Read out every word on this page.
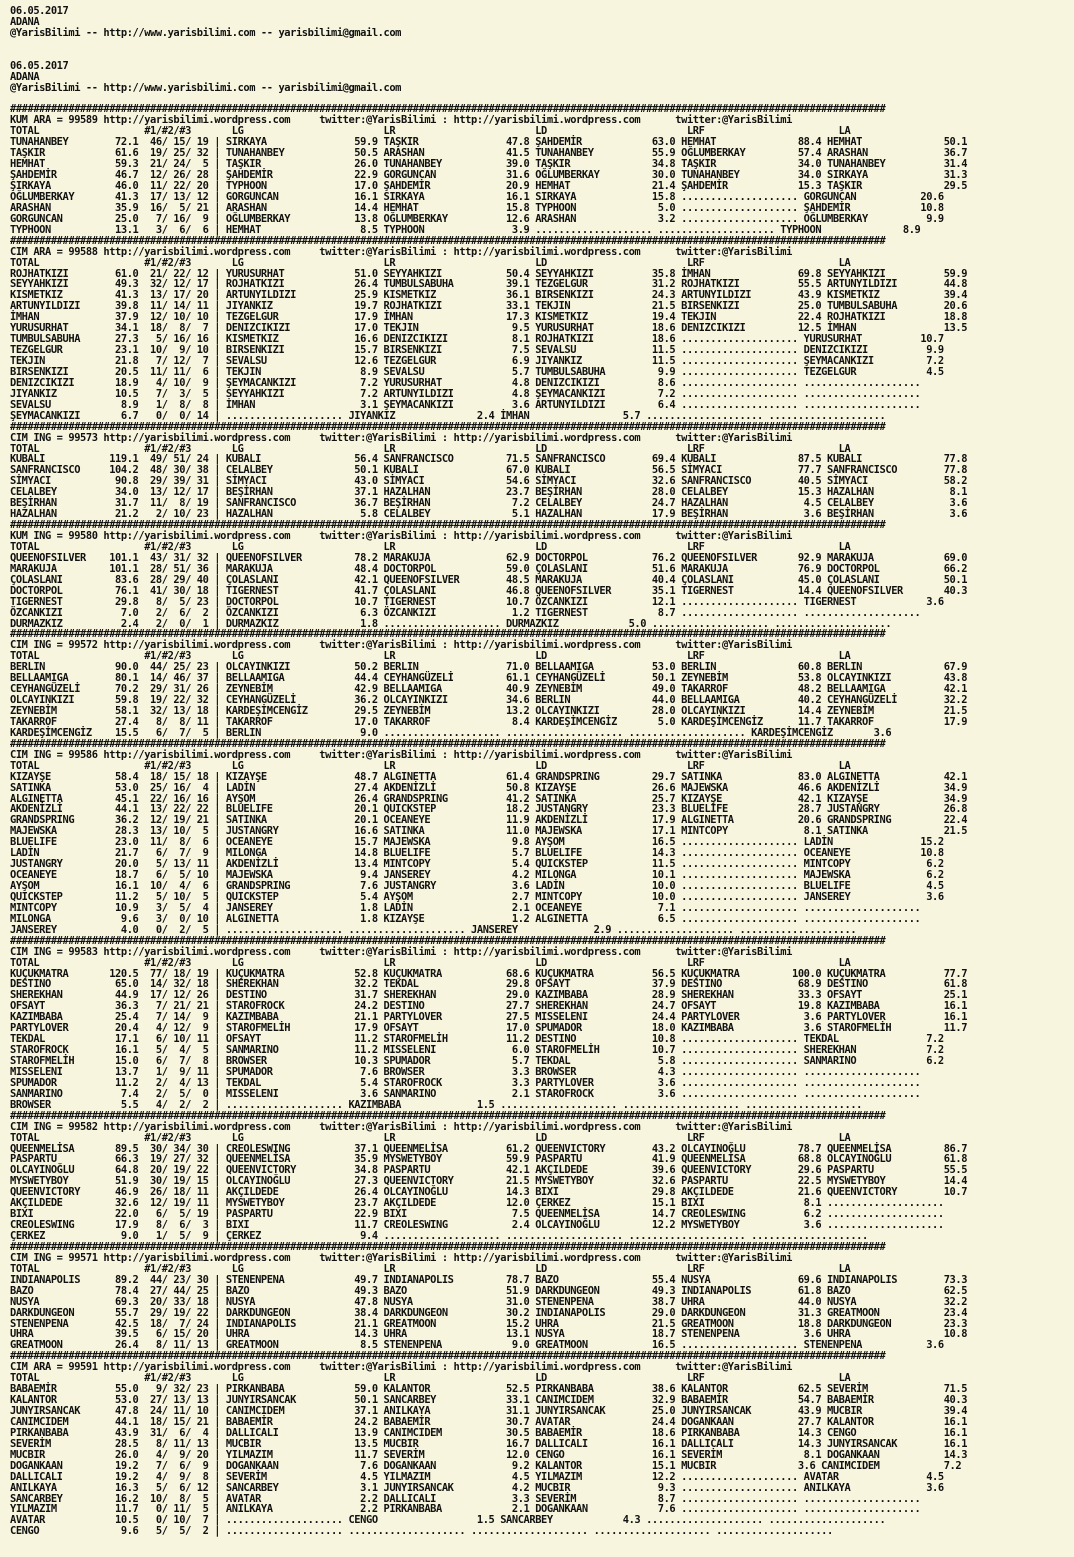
06.05.2017
ADANA
@YarisBilimi -- http://www.yarisbilimi.com -- yarisbilimi@gmail.com

06.05.2017
ADANA
@YarisBilimi -- http://www.yarisbilimi.com -- yarisbilimi@gmail.com

######################################################################################################################################################
KUM ARA = 99589 http://yarisbilimi.wordpress.com     twitter:@YarisBilimi : http://yarisbilimi.wordpress.com      twitter:@YarisBilimi
TOTAL                  #1/#2/#3       LG                        LR                        LD                        LRF                       LA
TUNAHANBEY        72.1  46/ 15/ 19 | SIRKAYA               59.9 TAŞKIR               47.8 ŞAHDEMİR            63.0 HEMHAT              88.4 HEMHAT              50.1
TAŞKIR            61.6  19/ 25/ 32 | TUNAHANBEY            50.5 ARASHAN              41.5 TUNAHANBEY          55.9 OĞLUMBERKAY         57.4 ARASHAN             36.7
HEMHAT            59.3  21/ 24/  5 | TAŞKIR                26.0 TUNAHANBEY           39.0 TAŞKIR              34.8 TAŞKIR              34.0 TUNAHANBEY          31.4
ŞAHDEMİR          46.7  12/ 26/ 28 | ŞAHDEMİR              22.9 GORGUNCAN            31.6 OĞLUMBERKAY         30.0 TUNAHANBEY          34.0 SIRKAYA             31.3
ŞIRKAYA           46.0  11/ 22/ 20 | TYPHOON               17.0 ŞAHDEMİR             20.9 HEMHAT              21.4 ŞAHDEMİR            15.3 TAŞKIR              29.5
OĞLUMBERKAY       41.3  17/ 13/ 12 | GORGUNCAN             16.1 SIRKAYA              16.1 SIRKAYA             15.8 .................... GORGUNCAN           20.6
ARASHAN           35.9  16/  5/ 21 | ARASHAN               14.4 HEMHAT               15.8 TYPHOON              5.0 .................... ŞAHDEMİR            10.8
GORGUNCAN         25.0   7/ 16/  9 | OĞLUMBERKAY           13.8 OĞLUMBERKAY          12.6 ARASHAN              3.2 .................... OĞLUMBERKAY          9.9
TYPHOON           13.1   3/  6/  6 | HEMHAT                 8.5 TYPHOON               3.9 .................... .................... TYPHOON              8.9
######################################################################################################################################################
CIM ARA = 99588 http://yarisbilimi.wordpress.com     twitter:@YarisBilimi : http://yarisbilimi.wordpress.com      twitter:@YarisBilimi
TOTAL                  #1/#2/#3       LG                        LR                        LD                        LRF                       LA
ROJHATKIZI        61.0  21/ 22/ 12 | YURUSURHAT            51.0 SEYYAHKIZI           50.4 SEYYAHKIZI          35.8 İMHAN               69.8 SEYYAHKIZI          59.9
SEYYAHKIZI        49.3  32/ 12/ 17 | ROJHATKIZI            26.4 TUMBULSABUHA         39.1 TEZGELGUR           31.2 ROJHATKIZI          55.5 ARTUNYILDIZI        44.8
KISMETKIZ         41.3  13/ 17/ 20 | ARTUNYILDIZI          25.9 KISMETKIZ            36.1 BIRSENKIZI          24.3 ARTUNYILDIZI        43.9 KISMETKIZ           39.4
ARTUNYILDIZI      39.8  11/ 14/ 11 | JIYANKIZ              19.7 ROJHATKIZI           33.1 TEKJIN              21.5 BIRSENKIZI          25.0 TUMBULSABUHA        20.6
İMHAN             37.9  12/ 10/ 10 | TEZGELGUR             17.9 İMHAN                17.3 KISMETKIZ           19.4 TEKJIN              22.4 ROJHATKIZI          18.8
YURUSURHAT        34.1  18/  8/  7 | DENIZCIKIZI           17.0 TEKJIN                9.5 YURUSURHAT          18.6 DENIZCIKIZI         12.5 İMHAN               13.5
TUMBULSABUHA      27.3   5/ 16/ 16 | KISMETKIZ             16.6 DENIZCIKIZI           8.1 ROJHATKIZI          18.6 .................... YURUSURHAT          10.7
TEZGELGUR         23.1  10/  9/ 10 | BIRSENKIZI            15.7 BIRSENKIZI            7.5 SEVALSU             11.5 .................... DENIZCIKIZI          9.9
TEKJIN            21.8   7/ 12/  7 | SEVALSU               12.6 TEZGELGUR             6.9 JIYANKIZ            11.5 .................... ŞEYMACANKIZI         7.2
BIRSENKIZI        20.5  11/ 11/  6 | TEKJIN                 8.9 SEVALSU               5.7 TUMBULSABUHA         9.9 .................... TEZGELGUR            4.5
DENIZCIKIZI       18.9   4/ 10/  9 | ŞEYMACANKIZI           7.2 YURUSURHAT            4.8 DENIZCIKIZI          8.6 .................... ....................
JIYANKIZ          10.5   7/  3/  5 | SEYYAHKIZI             7.2 ARTUNYILDIZI          4.8 ŞEYMACANKIZI         7.2 .................... ....................
SEVALSU            8.9   1/  8/  8 | İMHAN                  3.1 ŞEYMACANKIZI          3.6 ARTUNYILDIZI         6.4 .................... ....................
ŞEYMACANKIZI       6.7   0/  0/ 14 | .................... JIYANKIZ              2.4 İMHAN                5.7 .................... ....................
######################################################################################################################################################
CIM ING = 99573 http://yarisbilimi.wordpress.com     twitter:@YarisBilimi : http://yarisbilimi.wordpress.com      twitter:@YarisBilimi
TOTAL                  #1/#2/#3       LG                        LR                        LD                        LRF                       LA
KUBALI           119.1  49/ 51/ 24 | KUBALI                56.4 SANFRANCISCO         71.5 SANFRANCISCO        69.4 KUBALI              87.5 KUBALI              77.8
SANFRANCISCO     104.2  48/ 30/ 38 | CELALBEY              50.1 KUBALI               67.0 KUBALI              56.5 SİMYACI             77.7 SANFRANCISCO        77.8
SİMYACI           90.8  29/ 39/ 31 | SİMYACI               43.0 SİMYACI              54.6 SİMYACI             32.6 SANFRANCISCO        40.5 SİMYACI             58.2
CELALBEY          34.0  13/ 12/ 17 | BEŞİRHAN              37.1 HAZALHAN             23.7 BEŞİRHAN            28.0 CELALBEY            15.3 HAZALHAN             8.1
BEŞİRHAN          31.7  11/  8/ 19 | SANFRANCISCO          36.7 BEŞİRHAN              7.2 CELALBEY            24.7 HAZALHAN             4.5 CELALBEY             3.6
HAZALHAN          21.2   2/ 10/ 23 | HAZALHAN               5.8 CELALBEY              5.1 HAZALHAN            17.9 BEŞİRHAN             3.6 BEŞİRHAN             3.6
######################################################################################################################################################
KUM ING = 99580 http://yarisbilimi.wordpress.com     twitter:@YarisBilimi : http://yarisbilimi.wordpress.com      twitter:@YarisBilimi
TOTAL                  #1/#2/#3       LG                        LR                        LD                        LRF                       LA
QUEENOFSILVER    101.1  43/ 31/ 32 | QUEENOFSILVER         78.2 MARAKUJA             62.9 DOCTORPOL           76.2 QUEENOFSILVER       92.9 MARAKUJA            69.0
MARAKUJA         101.1  28/ 51/ 36 | MARAKUJA              48.4 DOCTORPOL            59.0 ÇOLASLANI           51.6 MARAKUJA            76.9 DOCTORPOL           66.2
ÇOLASLANI         83.6  28/ 29/ 40 | ÇOLASLANI             42.1 QUEENOFSILVER        48.5 MARAKUJA            40.4 ÇOLASLANI           45.0 ÇOLASLANI           50.1
DOCTORPOL         76.1  41/ 30/ 18 | TIGERNEST             41.7 ÇOLASLANI            46.8 QUEENOFSILVER       35.1 TIGERNEST           14.4 QUEENOFSILVER       40.3
TIGERNEST         29.8   8/  5/ 23 | DOCTORPOL             10.7 TIGERNEST            10.7 ÖZCANKIZI           12.1 .................... TIGERNEST            3.6
ÖZCANKIZI          7.0   2/  6/  2 | ÖZCANKIZI              6.3 ÖZCANKIZI             1.2 TIGERNEST            8.7 .................... ....................
DURMAZKIZ          2.4   2/  0/  1 | DURMAZKIZ              1.8 .................... DURMAZKIZ            5.0 .................... ....................
######################################################################################################################################################
CIM ING = 99572 http://yarisbilimi.wordpress.com     twitter:@YarisBilimi : http://yarisbilimi.wordpress.com      twitter:@YarisBilimi
TOTAL                  #1/#2/#3       LG                        LR                        LD                        LRF                       LA
BERLIN            90.0  44/ 25/ 23 | OLCAYINKIZI           50.2 BERLIN               71.0 BELLAAMIGA          53.0 BERLIN              60.8 BERLIN              67.9
BELLAAMIGA        80.1  14/ 46/ 37 | BELLAAMIGA            44.4 CEYHANGÜZELİ         61.1 CEYHANGÜZELİ        50.1 ZEYNEBİM            53.8 OLCAYINKIZI         43.8
CEYHANGÜZELİ      70.2  29/ 31/ 26 | ZEYNEBİM              42.9 BELLAAMIGA           40.9 ZEYNEBİM            49.0 TAKARROF            48.2 BELLAAMIGA          42.1
OLCAYINKIZI       59.8  19/ 22/ 32 | CEYHANGÜZELİ          36.2 OLCAYINKIZI          34.6 BERLIN              44.0 BELLAAMIGA          40.2 CEYHANGÜZELİ        32.2
ZEYNEBİM          58.1  32/ 13/ 18 | KARDEŞİMCENGİZ        29.5 ZEYNEBİM             13.2 OLCAYINKIZI         28.0 OLCAYINKIZI         14.4 ZEYNEBİM            21.5
TAKARROF          27.4   8/  8/ 11 | TAKARROF              17.0 TAKARROF              8.4 KARDEŞİMCENGİZ       5.0 KARDEŞİMCENGİZ      11.7 TAKARROF            17.9
KARDEŞİMCENGİZ    15.5   6/  7/  5 | BERLIN                 9.0 .................... .................... .................... KARDEŞİMCENGİZ       3.6
######################################################################################################################################################
CIM ING = 99586 http://yarisbilimi.wordpress.com     twitter:@YarisBilimi : http://yarisbilimi.wordpress.com      twitter:@YarisBilimi
TOTAL                  #1/#2/#3       LG                        LR                        LD                        LRF                       LA
KIZAYŞE           58.4  18/ 15/ 18 | KIZAYŞE               48.7 ALGINETTA            61.4 GRANDSPRING         29.7 SATINKA             83.0 ALGINETTA           42.1
SATINKA           53.0  25/ 16/  4 | LADİN                 27.4 AKDENİZLİ            50.8 KIZAYŞE             26.6 MAJEWSKA            46.6 AKDENİZLİ           34.9
ALGINETTA         45.1  22/ 16/ 16 | AYŞOM                 26.4 GRANDSPRING          41.2 SATINKA             25.7 KIZAYŞE             42.1 KIZAYŞE             34.9
AKDENİZLİ         44.1  13/ 22/ 22 | BLUELIFE              20.1 QUICKSTEP            18.2 JUSTANGRY           23.3 BLUELIFE            28.7 JUSTANGRY           26.8
GRANDSPRING       36.2  12/ 19/ 21 | SATINKA               20.1 OCEANEYE             11.9 AKDENİZLİ           17.9 ALGINETTA           20.6 GRANDSPRING         22.4
MAJEWSKA          28.3  13/ 10/  5 | JUSTANGRY             16.6 SATINKA              11.0 MAJEWSKA            17.1 MINTCOPY             8.1 SATINKA             21.5
BLUELIFE          23.0  11/  8/  6 | OCEANEYE              15.7 MAJEWSKA              9.8 AYŞOM               16.5 .................... LADİN               15.2
LADİN             21.7   6/  7/  9 | MILONGA               14.8 BLUELIFE              5.7 BLUELIFE            14.3 .................... OCEANEYE            10.8
JUSTANGRY         20.0   5/ 13/ 11 | AKDENİZLİ             13.4 MINTCOPY              5.4 QUICKSTEP           11.5 .................... MINTCOPY             6.2
OCEANEYE          18.7   6/  5/ 10 | MAJEWSKA               9.4 JANSEREY              4.2 MILONGA             10.1 .................... MAJEWSKA             6.2
AYŞOM             16.1  10/  4/  6 | GRANDSPRING            7.6 JUSTANGRY             3.6 LADİN               10.0 .................... BLUELIFE             4.5
QUICKSTEP         11.2   5/ 10/  5 | QUICKSTEP              5.4 AYŞOM                 2.7 MINTCOPY            10.0 .................... JANSEREY             3.6
MINTCOPY          10.9   3/  5/  4 | JANSEREY               1.8 LADİN                 2.1 OCEANEYE             7.1 .................... ....................
MILONGA            9.6   3/  0/ 10 | ALGINETTA              1.8 KIZAYŞE               1.2 ALGINETTA            6.5 .................... ....................
JANSEREY           4.0   0/  2/  5 | .................... .................... JANSEREY             2.9 .................... ....................
######################################################################################################################################################
CIM ING = 99583 http://yarisbilimi.wordpress.com     twitter:@YarisBilimi : http://yarisbilimi.wordpress.com      twitter:@YarisBilimi
TOTAL                  #1/#2/#3       LG                        LR                        LD                        LRF                       LA
KUÇUKMATRA       120.5  77/ 18/ 19 | KUÇUKMATRA            52.8 KUÇUKMATRA           68.6 KUÇUKMATRA          56.5 KUÇUKMATRA         100.0 KUÇUKMATRA          77.7
DESTINO           65.0  14/ 32/ 18 | SHEREKHAN             32.2 TEKDAL               29.8 OFSAYT              37.9 DESTINO             68.9 DESTINO             61.8
SHEREKHAN         44.9  17/ 12/ 26 | DESTINO               31.7 SHEREKHAN            29.0 KAZIMBABA           28.9 SHEREKHAN           33.3 OFSAYT              25.1
OFSAYT            36.3   7/ 21/ 21 | STAROFROCK            24.2 DESTINO              27.7 SHEREKHAN           24.7 OFSAYT              19.8 KAZIMBABA           16.1
KAZIMBABA         25.4   7/ 14/  9 | KAZIMBABA             21.1 PARTYLOVER           27.5 MISSELENI           24.4 PARTYLOVER           3.6 PARTYLOVER          16.1
PARTYLOVER        20.4   4/ 12/  9 | STAROFMELİH           17.9 OFSAYT               17.0 SPUMADOR            18.0 KAZIMBABA            3.6 STAROFMELİH         11.7
TEKDAL            17.1   6/ 10/ 11 | OFSAYT                11.2 STAROFMELİH          11.2 DESTINO             10.8 .................... TEKDAL               7.2
STAROFROCK        16.1   5/  4/  5 | SANMARINO             11.2 MISSELENI             6.0 STAROFMELİH         10.7 .................... SHEREKHAN            7.2
STAROFMELİH       15.0   6/  7/  8 | BROWSER               10.3 SPUMADOR              5.7 TEKDAL               5.8 .................... SANMARINO            6.2
MISSELENI         13.7   1/  9/ 11 | SPUMADOR               7.6 BROWSER               3.3 BROWSER              4.3 .................... ....................
SPUMADOR          11.2   2/  4/ 13 | TEKDAL                 5.4 STAROFROCK            3.3 PARTYLOVER           3.6 .................... ....................
SANMARINO          7.4   2/  5/  0 | MISSELENI              3.6 SANMARINO             2.1 STAROFROCK           3.6 .................... ....................
BROWSER            5.5   4/  2/  2 | .................... KAZIMBABA             1.5 .................... .................... ....................
######################################################################################################################################################
CIM ING = 99582 http://yarisbilimi.wordpress.com     twitter:@YarisBilimi : http://yarisbilimi.wordpress.com      twitter:@YarisBilimi
TOTAL                  #1/#2/#3       LG                        LR                        LD                        LRF                       LA
QUEENMELİSA       89.5  30/ 34/ 30 | CREOLESWING           37.1 QUEENMELİSA          61.2 QUEENVICTORY        43.2 OLCAYINOĞLU         78.7 QUEENMELİSA         86.7
PASPARTU          66.3  19/ 27/ 32 | QUEENMELİSA           35.9 MYSWETYBOY           59.9 PASPARTU            41.9 QUEENMELİSA         68.8 OLCAYINOĞLU         61.8
OLCAYINOĞLU       64.8  20/ 19/ 22 | QUEENVICTORY          34.8 PASPARTU             42.1 AKÇILDEDE           39.6 QUEENVICTORY        29.6 PASPARTU            55.5
MYSWETYBOY        51.9  30/ 19/ 15 | OLCAYINOĞLU           27.3 QUEENVICTORY         21.5 MYSWETYBOY          32.6 PASPARTU            22.5 MYSWETYBOY          14.4
QUEENVICTORY      46.9  26/ 18/ 11 | AKÇILDEDE             26.4 OLCAYINOĞLU          14.3 BIXI                29.8 AKÇILDEDE           21.6 QUEENVICTORY        10.7
AKÇILDEDE         32.6  12/ 19/ 11 | MYSWETYBOY            23.7 AKÇILDEDE            12.0 ÇERKEZ              15.1 BIXI                 8.1 ....................
BIXI              22.0   6/  5/ 19 | PASPARTU              22.9 BIXI                  7.5 QUEENMELİSA         14.7 CREOLESWING          6.2 ....................
CREOLESWING       17.9   8/  6/  3 | BIXI                  11.7 CREOLESWING           2.4 OLCAYINOĞLU         12.2 MYSWETYBOY           3.6 ....................
ÇERKEZ             9.0   1/  5/  9 | ÇERKEZ                 9.4 .................... .................... .................... ....................
######################################################################################################################################################
CIM ING = 99571 http://yarisbilimi.wordpress.com     twitter:@YarisBilimi : http://yarisbilimi.wordpress.com      twitter:@YarisBilimi
TOTAL                  #1/#2/#3       LG                        LR                        LD                        LRF                       LA
INDIANAPOLIS      89.2  44/ 23/ 30 | STENENPENA            49.7 INDIANAPOLIS         78.7 BAZO                55.4 NUSYA               69.6 INDIANAPOLIS        73.3
BAZO              78.4  27/ 44/ 25 | BAZO                  49.3 BAZO                 51.9 DARKDUNGEON         49.3 INDIANAPOLIS        61.8 BAZO                62.5
NUSYA             69.3  20/ 33/ 18 | NUSYA                 47.8 NUSYA                31.0 STENENPENA          38.7 UHRA                44.0 NUSYA               32.2
DARKDUNGEON       55.7  29/ 19/ 22 | DARKDUNGEON           38.4 DARKDUNGEON          30.2 INDIANAPOLIS        29.0 DARKDUNGEON         31.3 GREATMOON           23.4
STENENPENA        42.5  18/  7/ 24 | INDIANAPOLIS          21.1 GREATMOON            15.2 UHRA                21.5 GREATMOON           18.8 DARKDUNGEON         23.3
UHRA              39.5   6/ 15/ 20 | UHRA                  14.3 UHRA                 13.1 NUSYA               18.7 STENENPENA           3.6 UHRA                10.8
GREATMOON         26.4   8/ 11/ 13 | GREATMOON              8.5 STENENPENA            9.0 GREATMOON           16.5 .................... STENENPENA           3.6
######################################################################################################################################################
CIM ARA = 99591 http://yarisbilimi.wordpress.com     twitter:@YarisBilimi : http://yarisbilimi.wordpress.com      twitter:@YarisBilimi
TOTAL                  #1/#2/#3       LG                        LR                        LD                        LRF                       LA
BABAEMİR          55.0   9/ 32/ 23 | PIRKANBABA            59.0 KALANTOR             52.5 PIRKANBABA          38.6 KALANTOR            62.5 SEVERİM             71.5
KALANTOR          53.0  27/ 13/ 13 | JUNYIRSANCAK          50.1 SANCARBEY            33.1 CANIMCIDEM          32.9 BABAEMİR            54.7 BABAEMİR            40.3
JUNYIRSANCAK      47.8  24/ 11/ 10 | CANIMCIDEM            37.1 ANILKAYA             31.1 JUNYIRSANCAK        25.0 JUNYIRSANCAK        43.9 MUCBIR              39.4
CANIMCIDEM        44.1  18/ 15/ 21 | BABAEMİR              24.2 BABAEMİR             30.7 AVATAR              24.4 DOGANKAAN           27.7 KALANTOR            16.1
PIRKANBABA        43.9  31/  6/  4 | DALLICALI             13.9 CANIMCIDEM           30.5 BABAEMİR            18.6 PIRKANBABA          14.3 CENGO               16.1
SEVERİM           28.5   8/ 11/ 13 | MUCBIR                13.5 MUCBIR               16.7 DALLICALI           16.1 DALLICALI           14.3 JUNYIRSANCAK        16.1
MUCBIR            26.0   4/  9/ 20 | YILMAZIM              11.7 SEVERİM              12.0 CENGO               16.1 SEVERİM              8.1 DOGANKAAN           14.3
DOGANKAAN         19.2   7/  6/  9 | DOGANKAAN              7.6 DOGANKAAN             9.2 KALANTOR            15.1 MUCBIR              3.6 CANIMCIDEM           7.2
DALLICALI         19.2   4/  9/  8 | SEVERİM                4.5 YILMAZIM              4.5 YILMAZIM            12.2 .................... AVATAR               4.5
ANILKAYA          16.3   5/  6/ 12 | SANCARBEY              3.1 JUNYIRSANCAK          4.2 MUCBIR               9.3 .................... ANILKAYA             3.6
SANCARBEY         16.2  10/  8/  5 | AVATAR                 2.2 DALLICALI             3.3 SEVERİM              8.7 .................... ....................
YILMAZIM          11.7   0/ 11/  5 | ANILKAYA               2.2 PIRKANBABA            2.1 DOGANKAAN            7.6 .................... ....................
AVATAR            10.5   0/ 10/  7 | .................... CENGO                 1.5 SANCARBEY            4.3 .................... ....................
CENGO              9.6   5/  5/  2 | .................... .................... .................... .................... ....................
